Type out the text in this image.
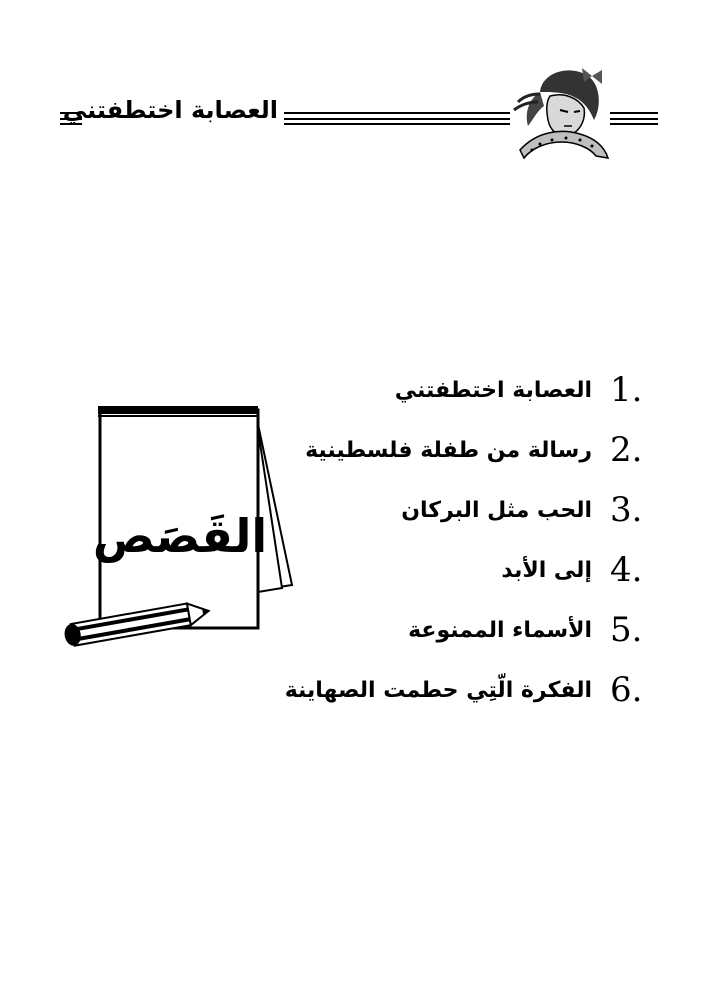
العصابة اختطفتني
1.
العصابة اختطفتني
2.
رسالة من طفلة فلسطينية
3.
الحب مثل البركان
4.
إلى الأبد
5.
الأسماء الممنوعة
6.
الفكرة الّتِي حطمت الصهاينة
القَصَص
